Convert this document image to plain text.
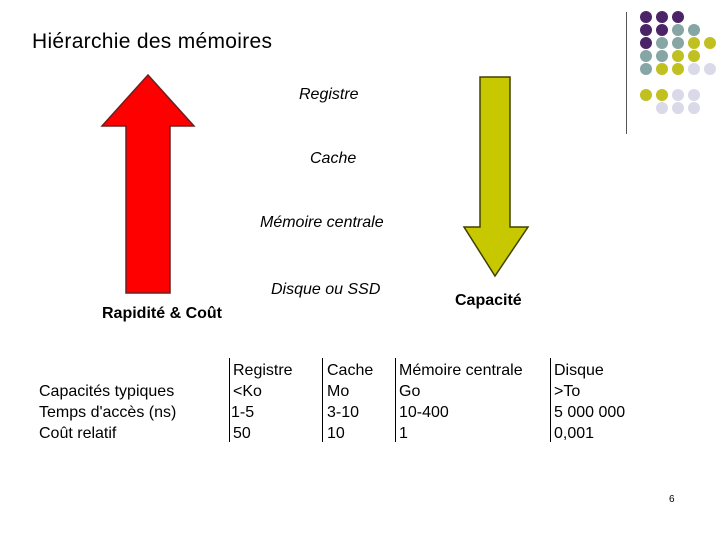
Hiérarchie des mémoires
Registre
Cache
Mémoire centrale
Disque ou SSD
Rapidité & Coût
Capacité
Capacités typiques
Temps d'accès (ns)
Coût relatif
Registre
<Ko
1-5
50
Cache
Mo
3-10
10
Mémoire centrale
Go
10-400
1
Disque
>To
5 000 000
0,001
6
